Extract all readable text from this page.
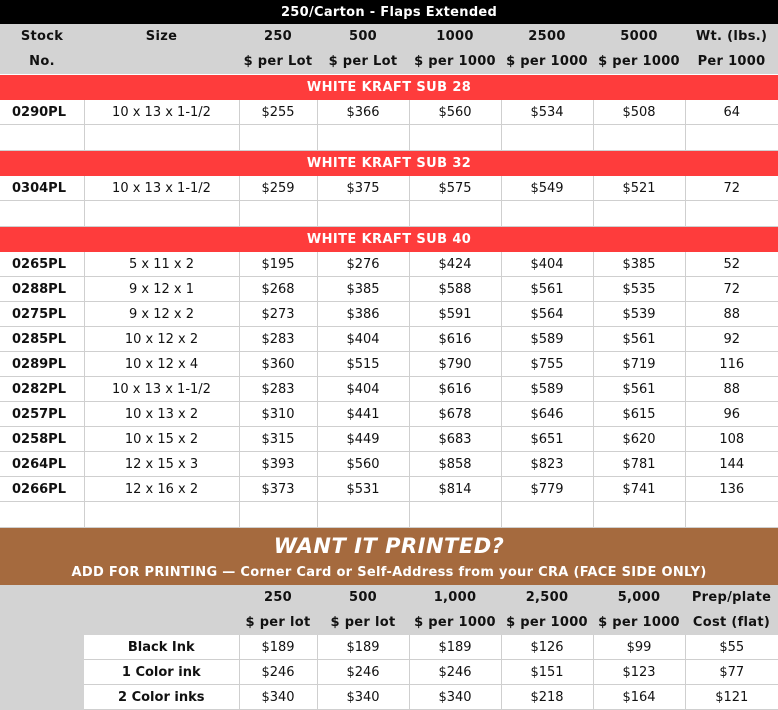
250/Carton - Flaps Extended							
Stock	Size	250	500	1000	2500	5000	Wt. (lbs.)
No.		$ per Lot	$ per Lot	$ per 1000	$ per 1000	$ per 1000	Per 1000
WHITE KRAFT SUB 28							
0290PL	10 x 13 x 1-1/2	$255	$366	$560	$534	$508	64

WHITE KRAFT SUB 32							
0304PL	10 x 13 x 1-1/2	$259	$375	$575	$549	$521	72

WHITE KRAFT SUB 40							
0265PL	5 x 11 x 2	$195	$276	$424	$404	$385	52
0288PL	9 x 12 x 1	$268	$385	$588	$561	$535	72
0275PL	9 x 12 x 2	$273	$386	$591	$564	$539	88
0285PL	10 x 12 x 2	$283	$404	$616	$589	$561	92
0289PL	10 x 12 x 4	$360	$515	$790	$755	$719	116
0282PL	10 x 13 x 1-1/2	$283	$404	$616	$589	$561	88
0257PL	10 x 13 x 2	$310	$441	$678	$646	$615	96
0258PL	10 x 15 x 2	$315	$449	$683	$651	$620	108
0264PL	12 x 15 x 3	$393	$560	$858	$823	$781	144
0266PL	12 x 16 x 2	$373	$531	$814	$779	$741	136

WANT IT PRINTED?							
ADD FOR PRINTING — Corner Card or Self-Address from your CRA (FACE SIDE ONLY)							
		250	500	1,000	2,500	5,000	Prep/plate
		$ per lot	$ per lot	$ per 1000	$ per 1000	$ per 1000	Cost (flat)
	Black Ink	$189	$189	$189	$126	$99	$55
	1 Color ink	$246	$246	$246	$151	$123	$77
	2 Color inks	$340	$340	$340	$218	$164	$121
